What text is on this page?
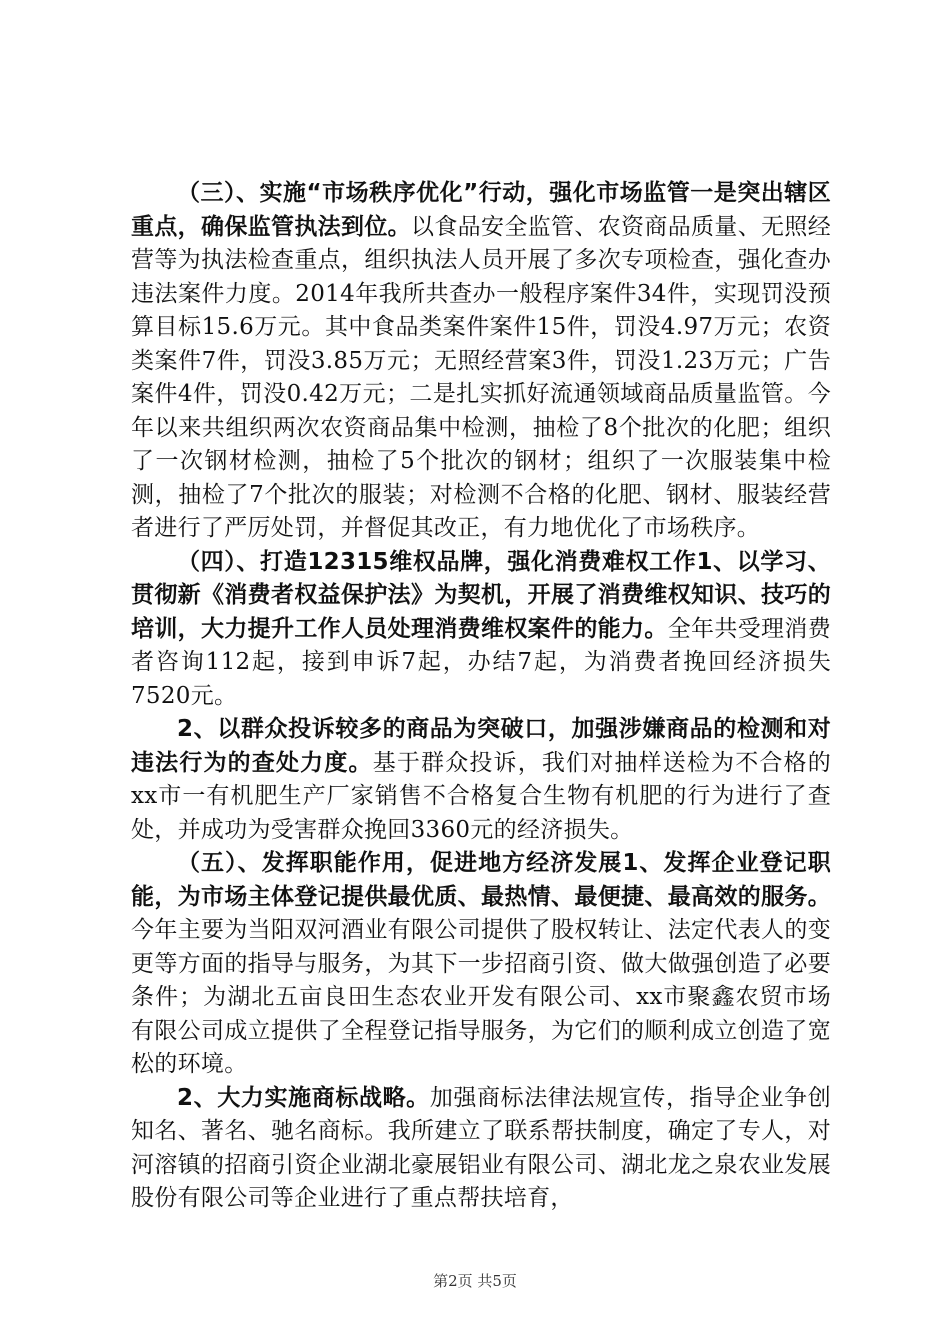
（三）、实施“市场秩序优化”行动，强化市场监管一是突出辖区重点，确保监管执法到位。以食品安全监管、农资商品质量、无照经营等为执法检查重点，组织执法人员开展了多次专项检查，强化查办违法案件力度。2014年我所共查办一般程序案件34件，实现罚没预算目标15.6万元。其中食品类案件案件15件，罚没4.97万元；农资类案件7件，罚没3.85万元；无照经营案3件，罚没1.23万元；广告案件4件，罚没0.42万元；二是扎实抓好流通领域商品质量监管。今年以来共组织两次农资商品集中检测，抽检了8个批次的化肥；组织了一次钢材检测，抽检了5个批次的钢材；组织了一次服装集中检测，抽检了7个批次的服装；对检测不合格的化肥、钢材、服装经营者进行了严厉处罚，并督促其改正，有力地优化了市场秩序。

（四）、打造12315维权品牌，强化消费难权工作1、以学习、贯彻新《消费者权益保护法》为契机，开展了消费维权知识、技巧的培训，大力提升工作人员处理消费维权案件的能力。全年共受理消费者咨询112起，接到申诉7起，办结7起，为消费者挽回经济损失7520元。

2、以群众投诉较多的商品为突破口，加强涉嫌商品的检测和对违法行为的查处力度。基于群众投诉，我们对抽样送检为不合格的xx市一有机肥生产厂家销售不合格复合生物有机肥的行为进行了查处，并成功为受害群众挽回3360元的经济损失。

（五）、发挥职能作用，促进地方经济发展1、发挥企业登记职能，为市场主体登记提供最优质、最热情、最便捷、最高效的服务。今年主要为当阳双河酒业有限公司提供了股权转让、法定代表人的变更等方面的指导与服务，为其下一步招商引资、做大做强创造了必要条件；为湖北五亩良田生态农业开发有限公司、xx市聚鑫农贸市场有限公司成立提供了全程登记指导服务，为它们的顺利成立创造了宽松的环境。

2、大力实施商标战略。加强商标法律法规宣传，指导企业争创知名、著名、驰名商标。我所建立了联系帮扶制度，确定了专人，对河溶镇的招商引资企业湖北豪展铝业有限公司、湖北龙之泉农业发展股份有限公司等企业进行了重点帮扶培育，

第2页 共5页
